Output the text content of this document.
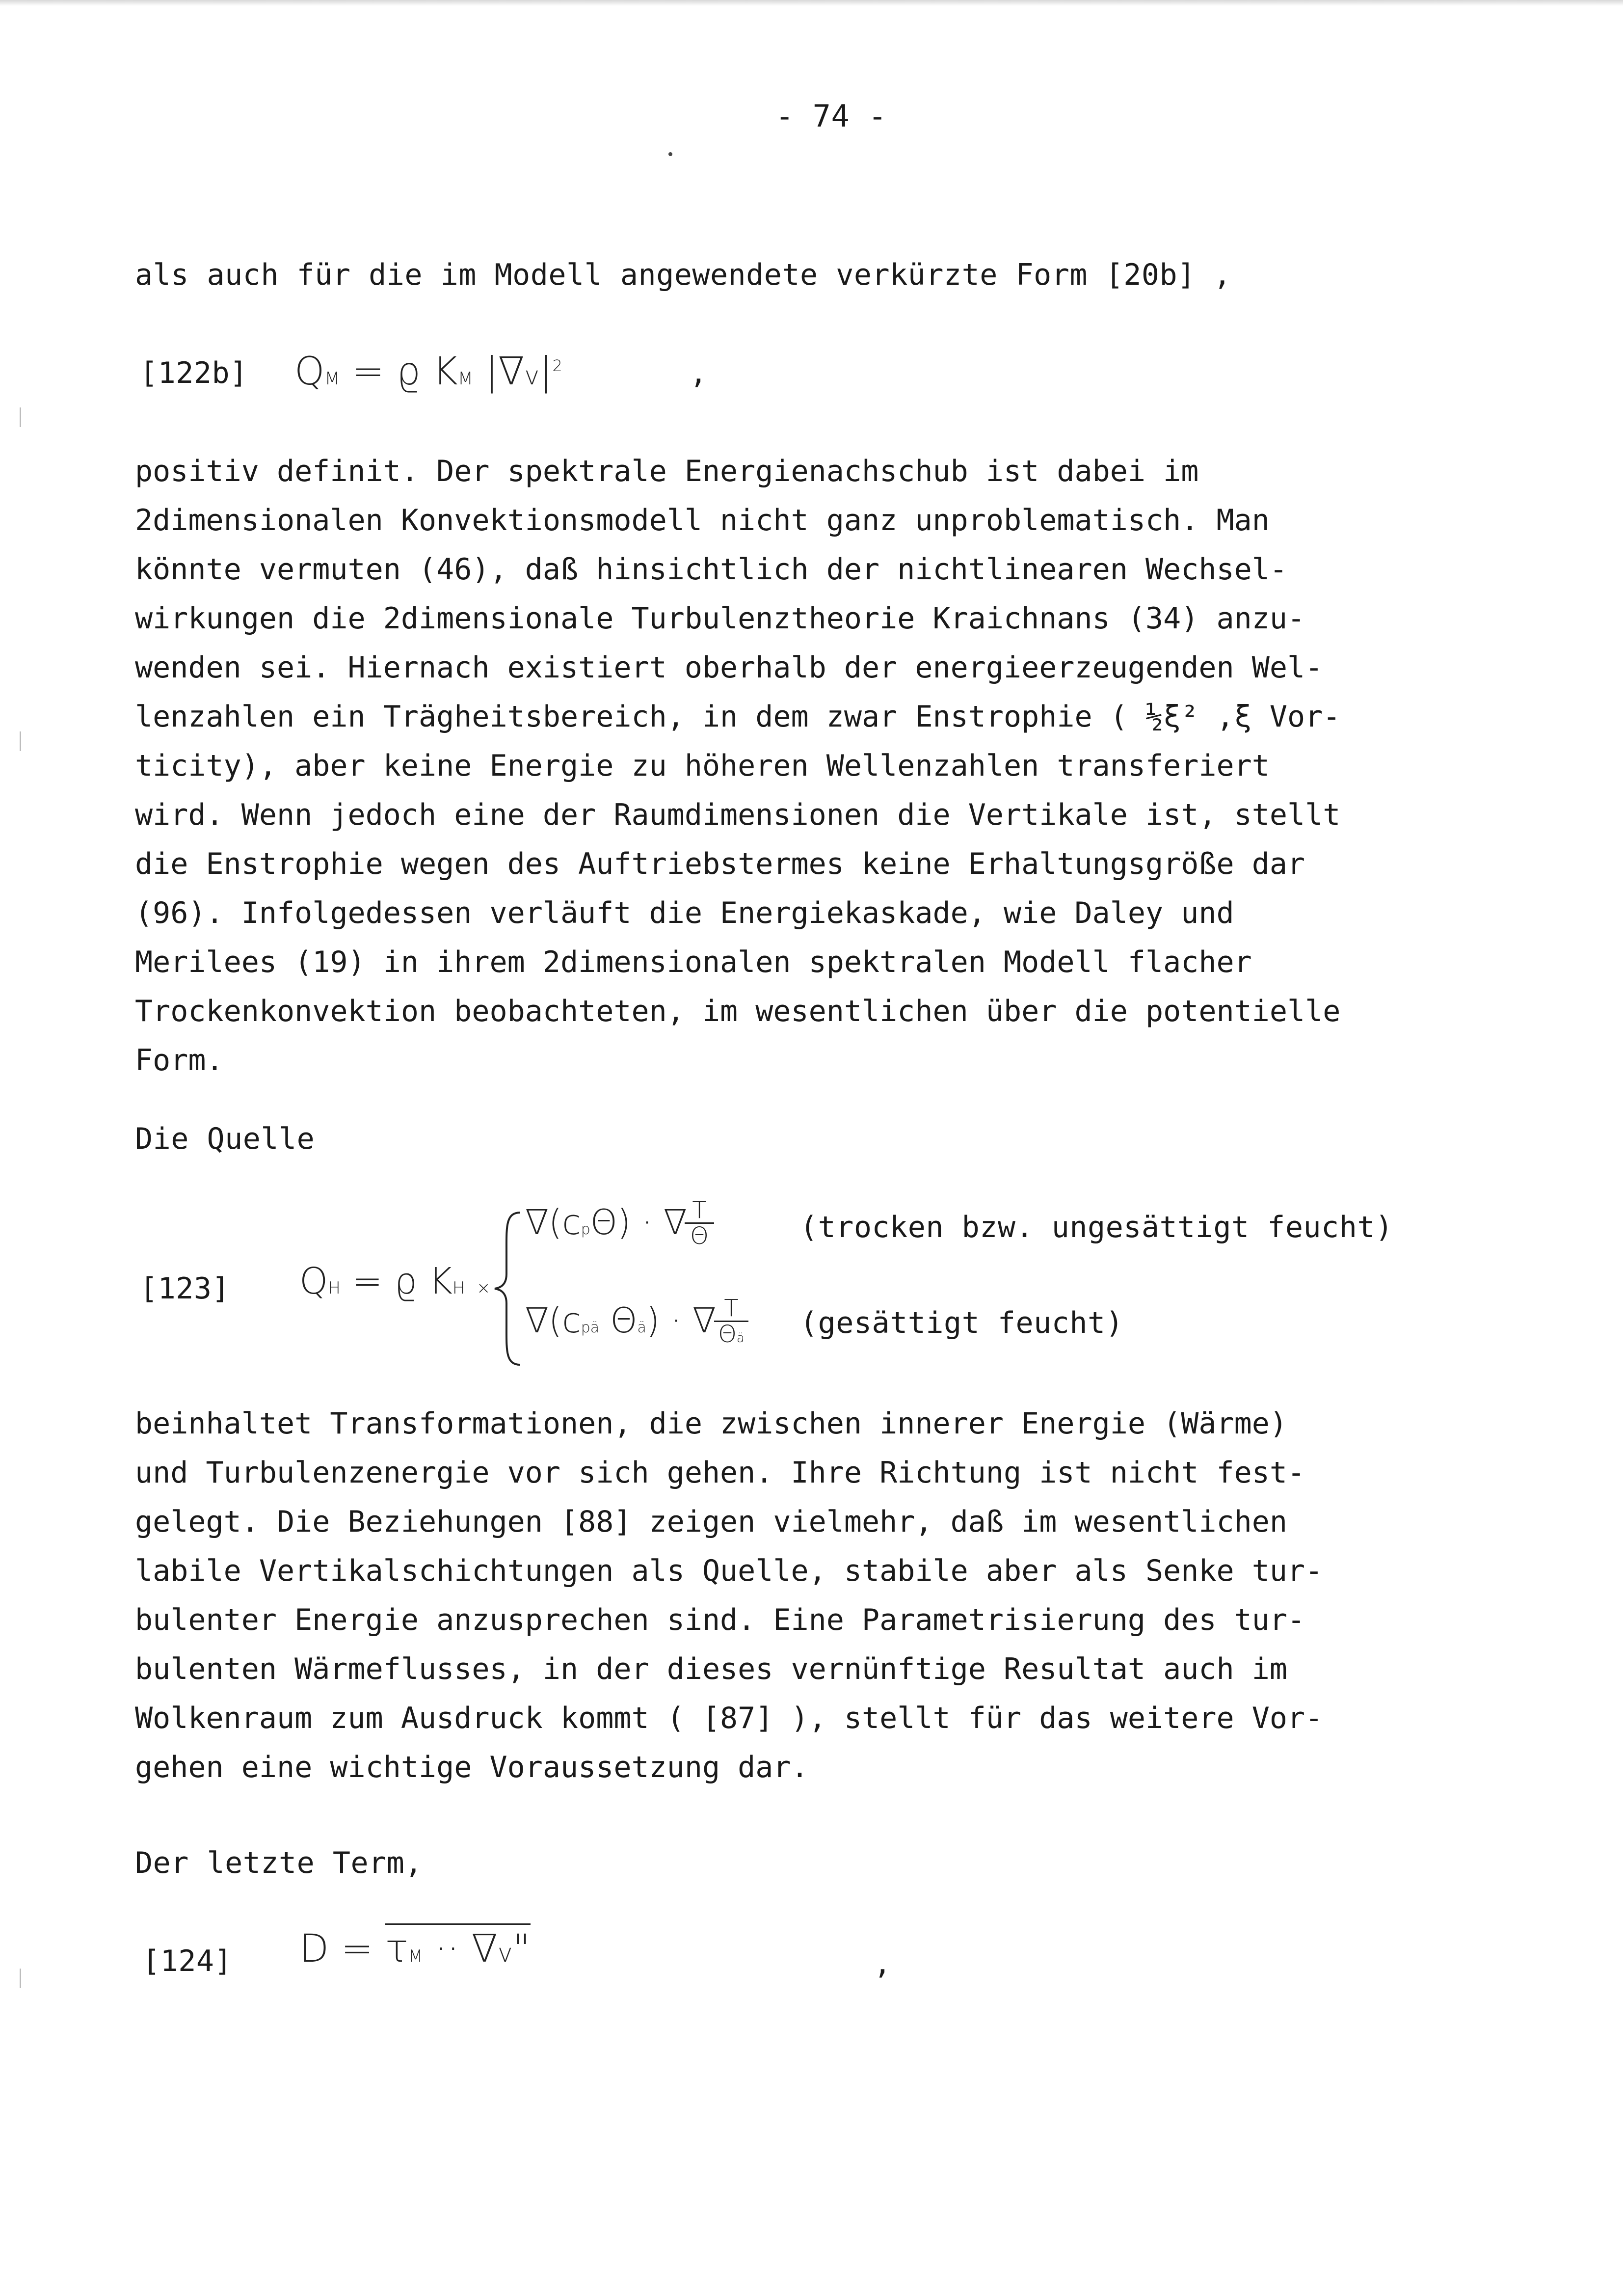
- 74 -
als auch für die im Modell angewendete verkürzte Form [20b] ,
[122b] QM = ϱ KM $|\nabla v|^2$	,
positiv definit. Der spektrale Energienachschub ist dabei im
2dimensionalen Konvektionsmodell nicht ganz unproblematisch. Man
könnte vermuten (46), daß hinsichtlich der nichtlinearen Wechsel-
wirkungen die 2dimensionale Turbulenztheorie Kraichnans (34) anzu-
wenden sei. Hiernach existiert oberhalb der energieerzeugenden Wel-
lenzahlen ein Trägheitsbereich, in dem zwar Enstrophie ( ½ξ² ,ξ Vor-
ticity), aber keine Energie zu höheren Wellenzahlen transferiert
wird. Wenn jedoch eine der Raumdimensionen die Vertikale ist, stellt
die Enstrophie wegen des Auftriebstermes keine Erhaltungsgröße dar
(96). Infolgedessen verläuft die Energiekaskade, wie Daley und
Merilees (19) in ihrem 2dimensionalen spektralen Modell flacher
Trockenkonvektion beobachteten, im wesentlichen über die potentielle
Form.
Die Quelle
[123] QH = ϱ KH ×
∇(cpΘ) · ∇
$\frac{T}{\Theta}$	(trocken bzw. ungesättigt feucht)
∇(cpä Θä) · ∇ T
Θä (gesättigt feucht)
beinhaltet Transformationen, die zwischen innerer Energie (Wärme)
und Turbulenzenergie vor sich gehen. Ihre Richtung ist nicht fest-
gelegt. Die Beziehungen [88] zeigen vielmehr, daß im wesentlichen
labile Vertikalschichtungen als Quelle, stabile aber als Senke tur-
bulenter Energie anzusprechen sind. Eine Parametrisierung des tur-
bulenten Wärmeflusses, in der dieses vernünftige Resultat auch im
Wolkenraum zum Ausdruck kommt ( [87] ), stellt für das weitere Vor-
gehen eine wichtige Voraussetzung dar.
Der letzte Term,
[124] D = τM ·· ∇v"	,
